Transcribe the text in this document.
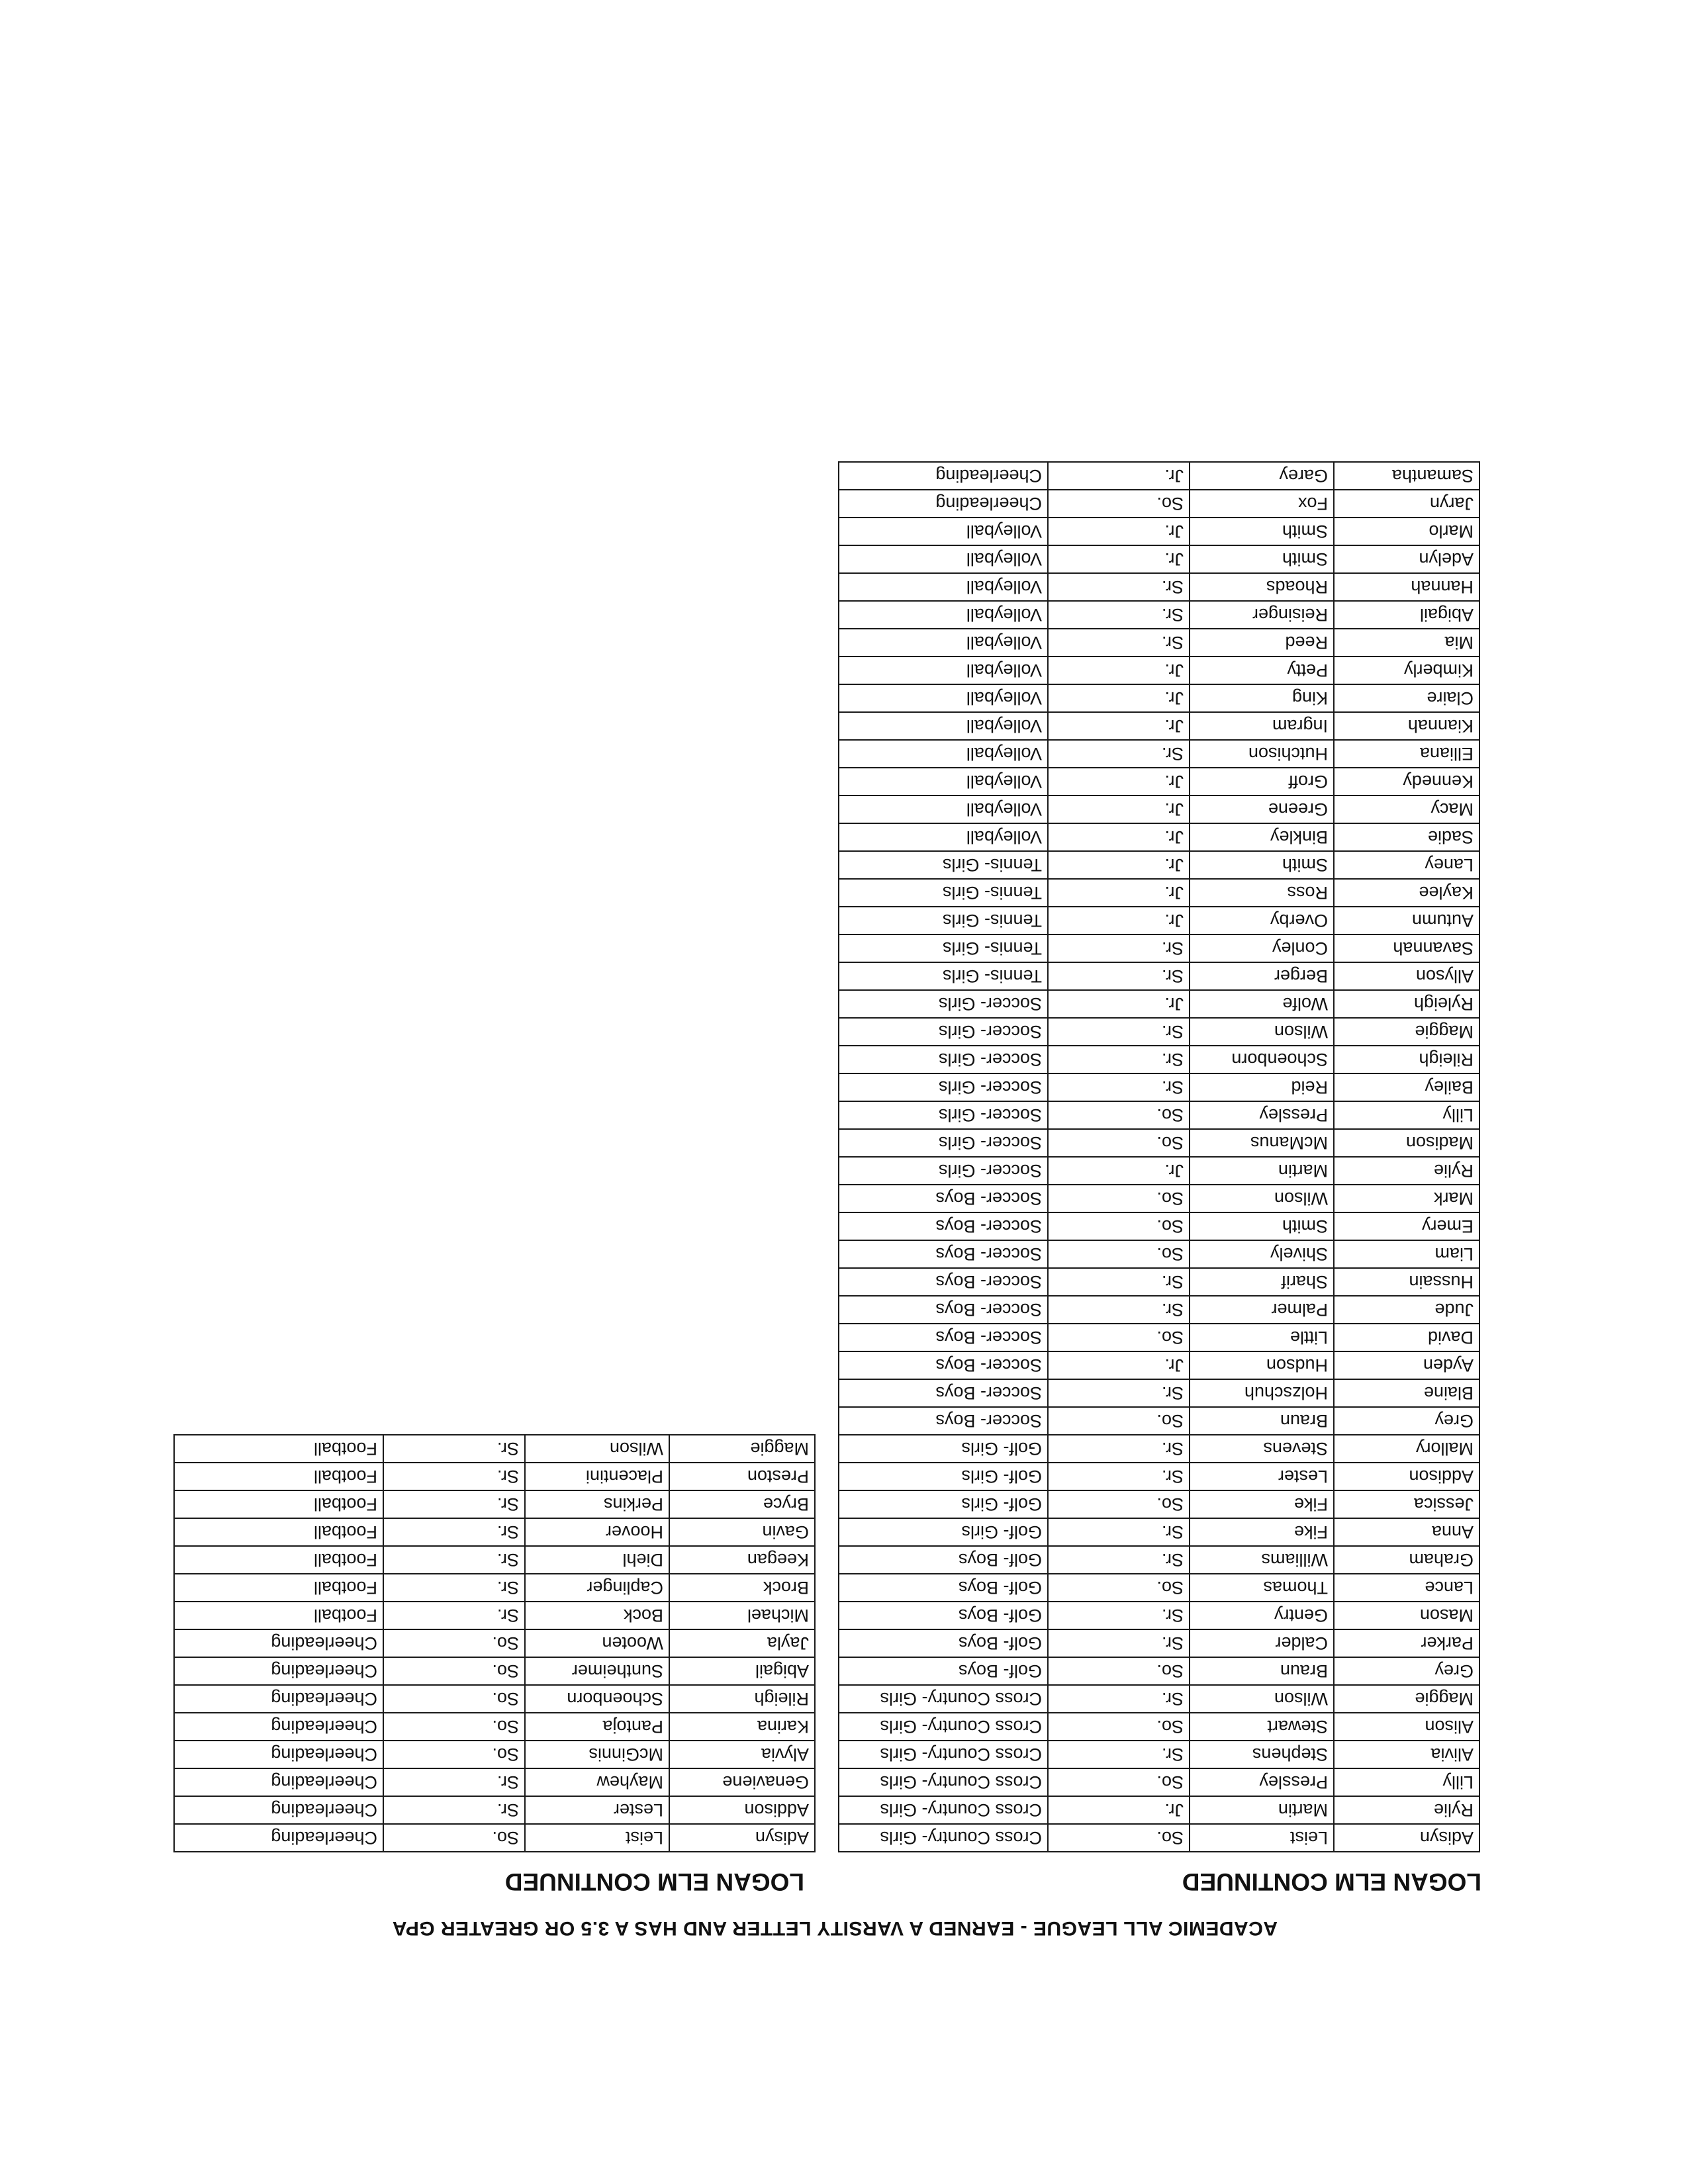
ACADEMIC ALL LEAGUE - EARNED A VARSITY LETTER AND HAS A 3.5 OR GREATER GPA
LOGAN ELM CONTINUED
LOGAN ELM CONTINUED
Adisyn	Leist	So.	Cross Country- Girls
Rylie	Martin	Jr.	Cross Country- Girls
Lilly	Pressley	So.	Cross Country- Girls
Alivia	Stephens	Sr.	Cross Country- Girls
Alison	Stewart	So.	Cross Country- Girls
Maggie	Wilson	Sr.	Cross Country- Girls
Grey	Braun	So.	Golf- Boys
Parker	Calder	Sr.	Golf- Boys
Mason	Gentry	Sr.	Golf- Boys
Lance	Thomas	So.	Golf- Boys
Graham	Williams	Sr.	Golf- Boys
Anna	Fike	Sr.	Golf- Girls
Jessica	Fike	So.	Golf- Girls
Addison	Lester	Sr.	Golf- Girls
Mallory	Stevens	Sr.	Golf- Girls
Grey	Braun	So.	Soccer- Boys
Blaine	Holzschuh	Sr.	Soccer- Boys
Ayden	Hudson	Jr.	Soccer- Boys
David	Little	So.	Soccer- Boys
Jude	Palmer	Sr.	Soccer- Boys
Hussain	Sharif	Sr.	Soccer- Boys
Liam	Shively	So.	Soccer- Boys
Emery	Smith	So.	Soccer- Boys
Mark	Wilson	So.	Soccer- Boys
Rylie	Martin	Jr.	Soccer- Girls
Madison	McManus	So.	Soccer- Girls
Lilly	Pressley	So.	Soccer- Girls
Bailey	Reid	Sr.	Soccer- Girls
Rileigh	Schoenborn	Sr.	Soccer- Girls
Maggie	Wilson	Sr.	Soccer- Girls
Ryleigh	Wolfe	Jr.	Soccer- Girls
Allyson	Berger	Sr.	Tennis- Girls
Savannah	Conley	Sr.	Tennis- Girls
Autumn	Overby	Jr.	Tennis- Girls
Kaylee	Ross	Jr.	Tennis- Girls
Laney	Smith	Jr.	Tennis- Girls
Sadie	Binkley	Jr.	Volleyball
Macy	Greene	Jr.	Volleyball
Kennedy	Groff	Jr.	Volleyball
Elliana	Hutchison	Sr.	Volleyball
Kiannah	Ingram	Jr.	Volleyball
Claire	King	Jr.	Volleyball
Kimberly	Petty	Jr.	Volleyball
Mia	Reed	Sr.	Volleyball
Abigail	Reisinger	Sr.	Volleyball
Hannah	Rhoads	Sr.	Volleyball
Adelyn	Smith	Jr.	Volleyball
Marlo	Smith	Jr.	Volleyball
Jaryn	Fox	So.	Cheerleading
Samantha	Garey	Jr.	Cheerleading
Adisyn	Leist	So.	Cheerleading
Addison	Lester	Sr.	Cheerleading
Genaviene	Mayhew	Sr.	Cheerleading
Alyvia	McGinnis	So.	Cheerleading
Karina	Pantoja	So.	Cheerleading
Rileigh	Schoenborn	So.	Cheerleading
Abigail	Suntheimer	So.	Cheerleading
Jayla	Wooten	So.	Cheerleading
Michael	Bock	Sr.	Football
Brock	Caplinger	Sr.	Football
Keegan	Diehl	Sr.	Football
Gavin	Hoover	Sr.	Football
Bryce	Perkins	Sr.	Football
Preston	Placentini	Sr.	Football
Maggie	Wilson	Sr.	Football
